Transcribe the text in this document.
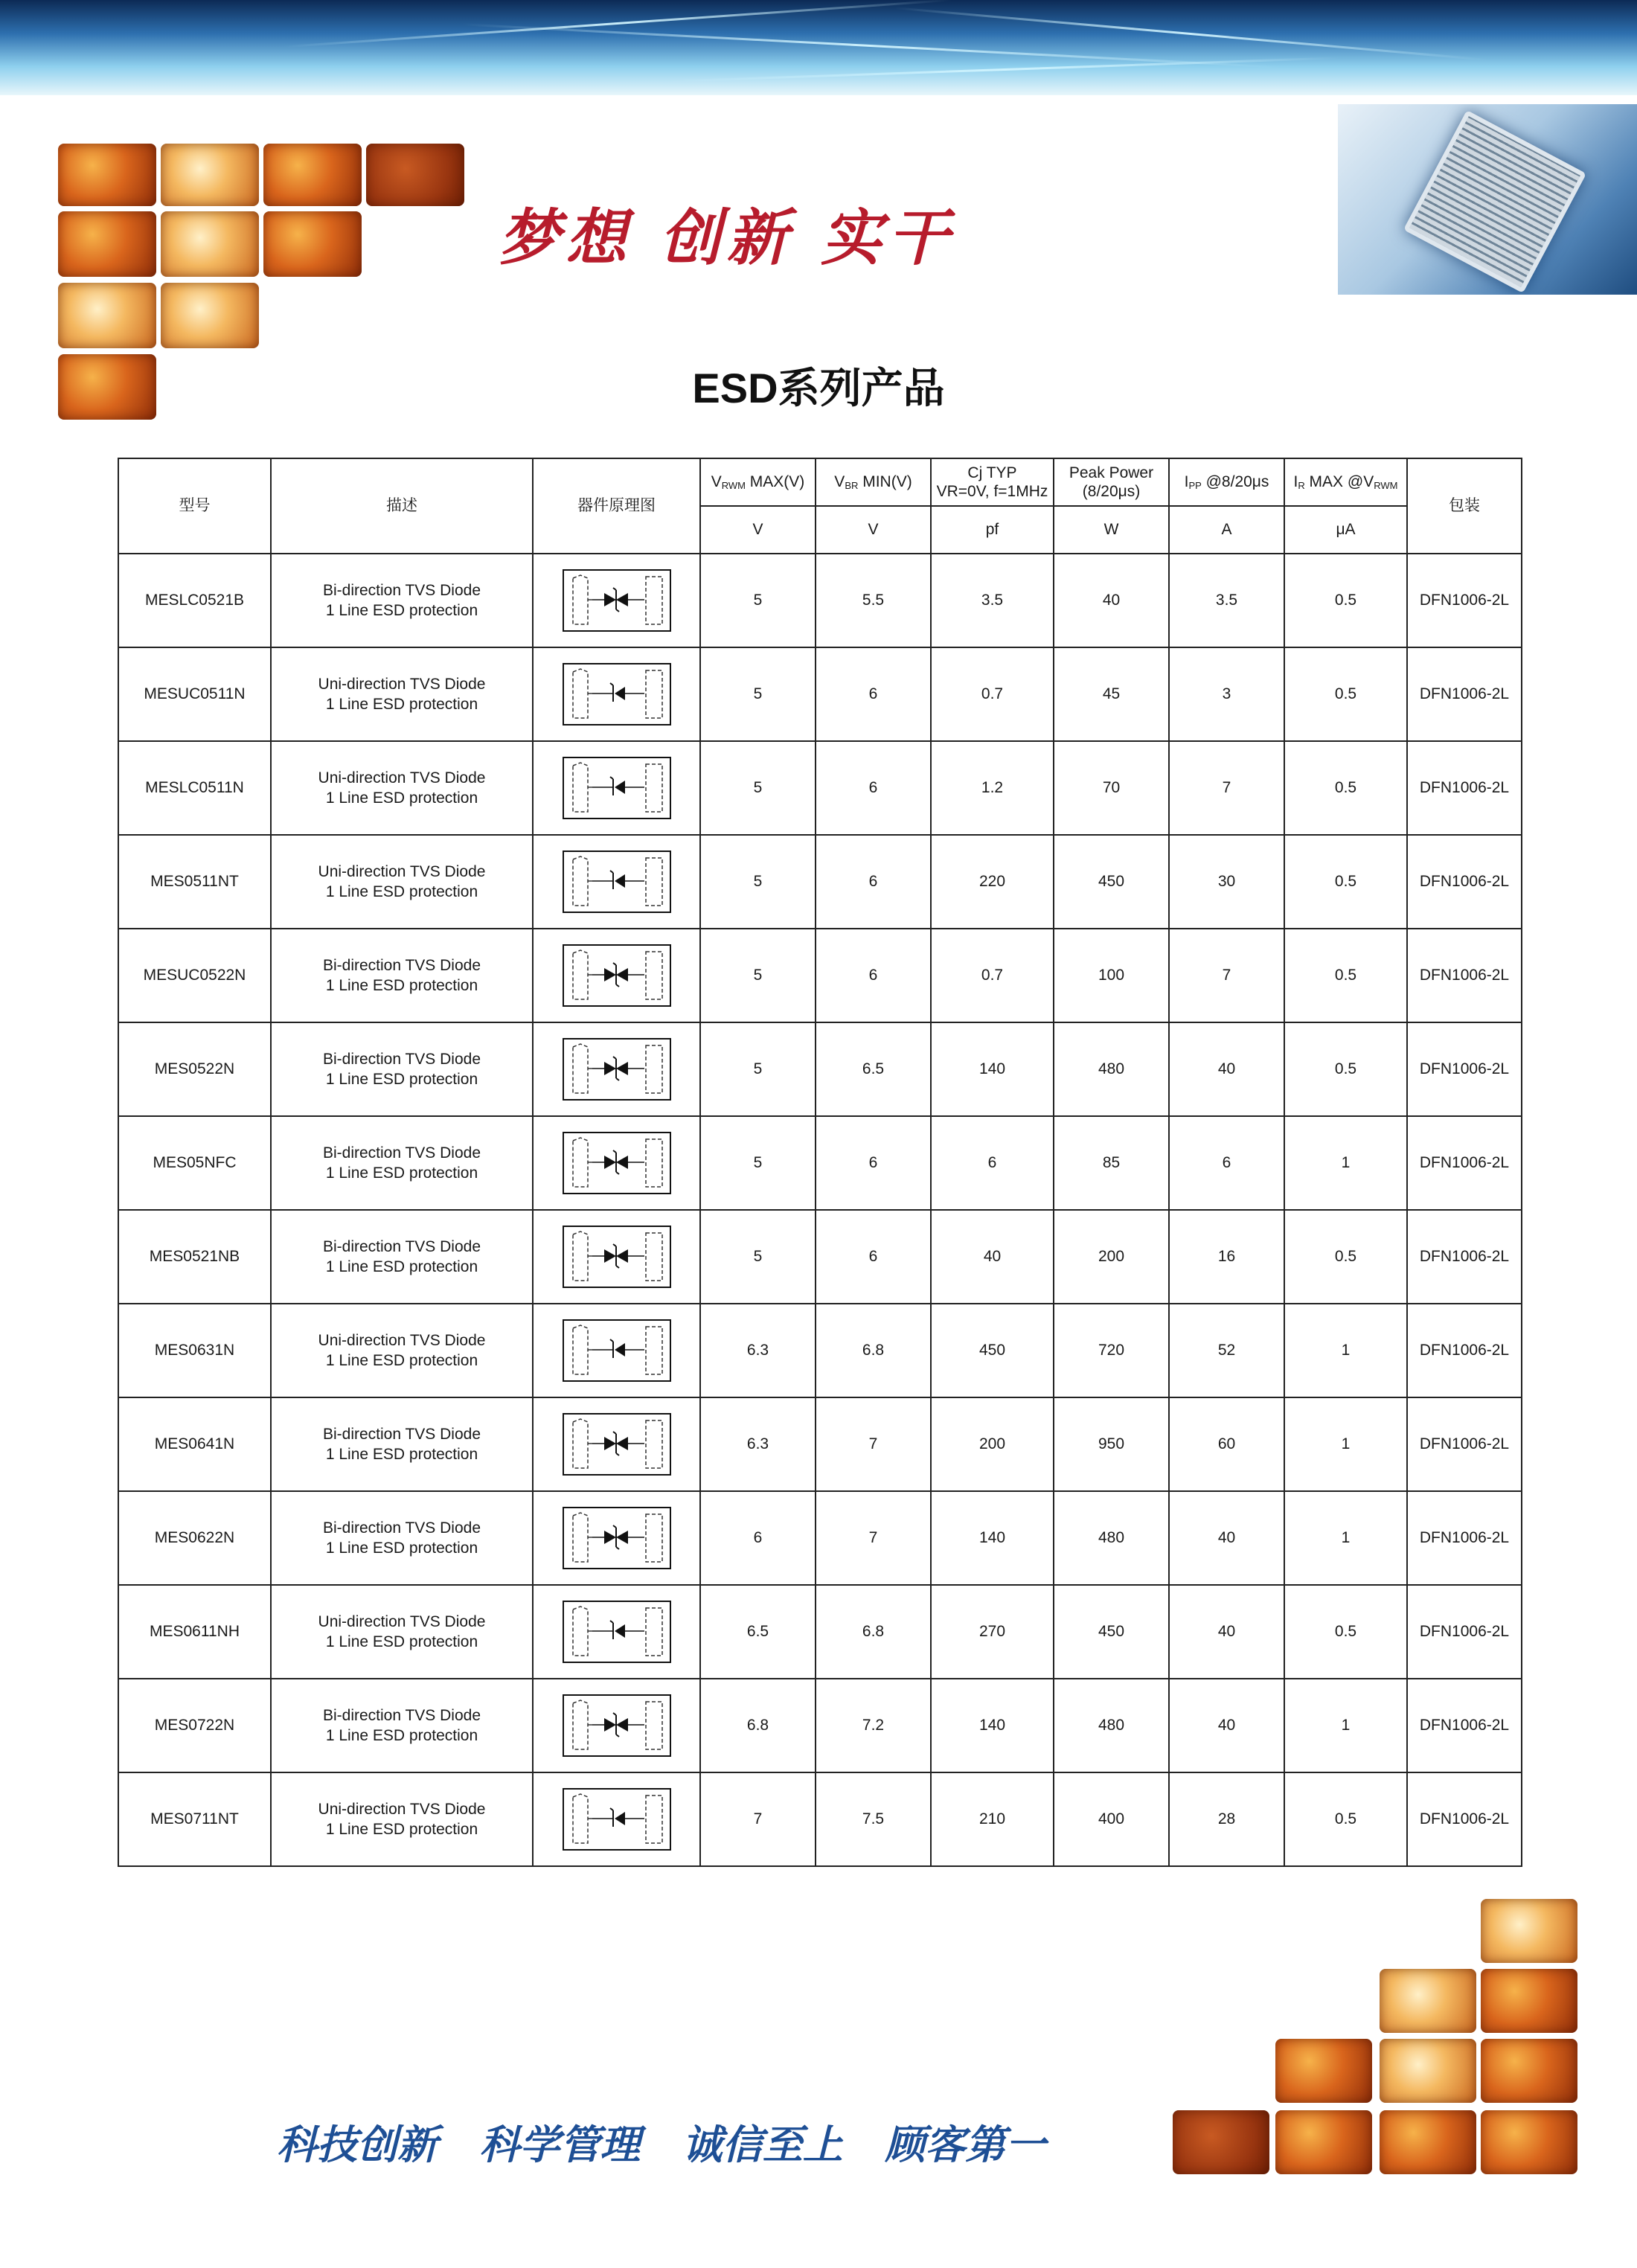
梦想 创新 实干
ESD系列产品
型号	描述	器件原理图	$V_{RWM}$ MAX(V)	$V_{BR}$ MIN(V)	Cj TYP
VR=0V, f=1MHz	Peak Power
(8/20μs)	$I_{PP}$ @8/20μs	$I_R$ MAX $@V_{RWM}$	包装
			V	V	pf	W	A	μA	
MESLC0521B	Bi-direction TVS Diode
1 Line ESD protection		5	5.5	3.5	40	3.5	0.5	DFN1006-2L
MESUC0511N	Uni-direction TVS Diode
1 Line ESD protection		5	6	0.7	45	3	0.5	DFN1006-2L
MESLC0511N	Uni-direction TVS Diode
1 Line ESD protection		5	6	1.2	70	7	0.5	DFN1006-2L
MES0511NT	Uni-direction TVS Diode
1 Line ESD protection		5	6	220	450	30	0.5	DFN1006-2L
MESUC0522N	Bi-direction TVS Diode
1 Line ESD protection		5	6	0.7	100	7	0.5	DFN1006-2L
MES0522N	Bi-direction TVS Diode
1 Line ESD protection		5	6.5	140	480	40	0.5	DFN1006-2L
MES05NFC	Bi-direction TVS Diode
1 Line ESD protection		5	6	6	85	6	1	DFN1006-2L
MES0521NB	Bi-direction TVS Diode
1 Line ESD protection		5	6	40	200	16	0.5	DFN1006-2L
MES0631N	Uni-direction TVS Diode
1 Line ESD protection		6.3	6.8	450	720	52	1	DFN1006-2L
MES0641N	Bi-direction TVS Diode
1 Line ESD protection		6.3	7	200	950	60	1	DFN1006-2L
MES0622N	Bi-direction TVS Diode
1 Line ESD protection		6	7	140	480	40	1	DFN1006-2L
MES0611NH	Uni-direction TVS Diode
1 Line ESD protection		6.5	6.8	270	450	40	0.5	DFN1006-2L
MES0722N	Bi-direction TVS Diode
1 Line ESD protection		6.8	7.2	140	480	40	1	DFN1006-2L
MES0711NT	Uni-direction TVS Diode
1 Line ESD protection		7	7.5	210	400	28	0.5	DFN1006-2L
科技创新   科学管理   诚信至上   顾客第一
